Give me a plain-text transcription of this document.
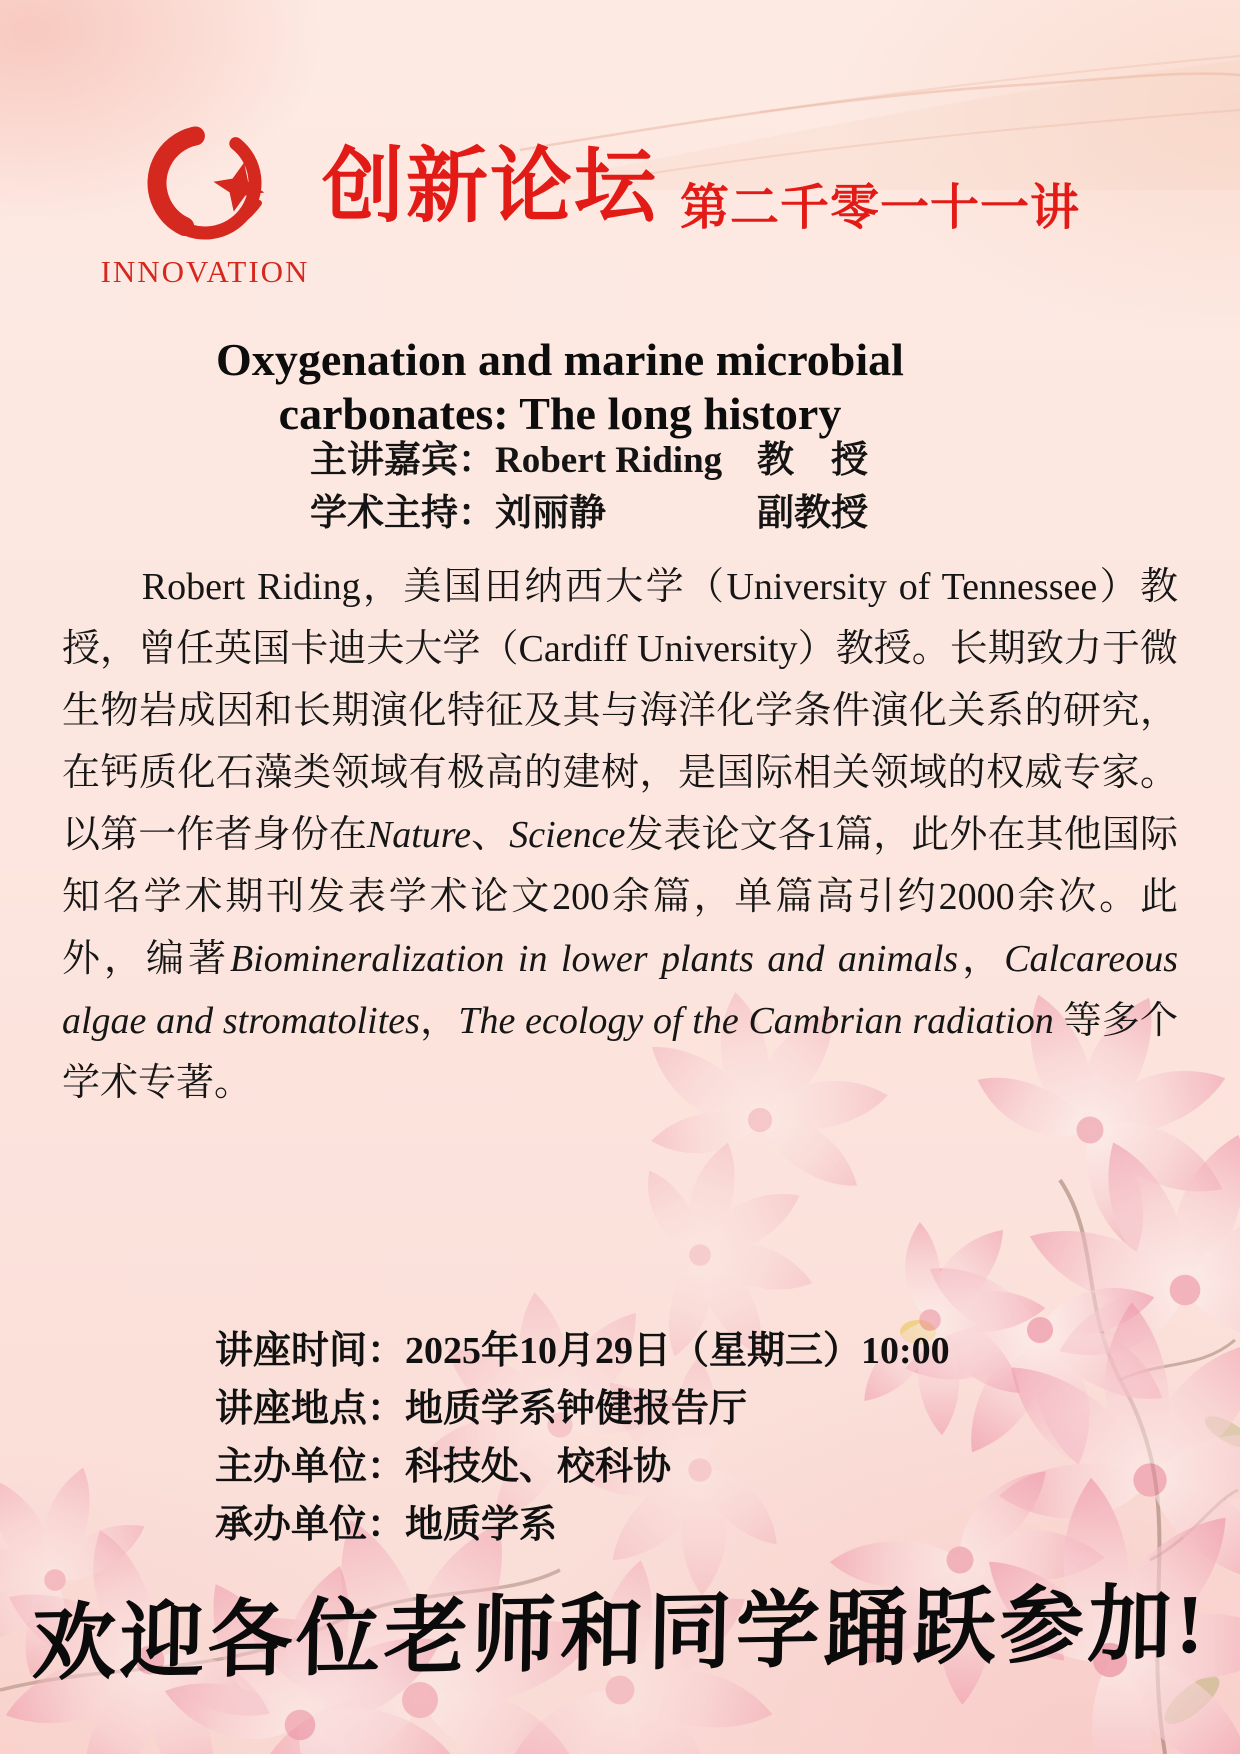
INNOVATION
创新论坛 第二千零一十一讲
Oxygenation and marine microbial
carbonates: The long history
主讲嘉宾：Robert Riding 教　授
学术主持：刘丽静	副教授

Robert Riding，美国田纳西大学（University of Tennessee）教授，曾任英国卡迪夫大学（Cardiff University）教授。长期致力于微生物岩成因和长期演化特征及其与海洋化学条件演化关系的研究，在钙质化石藻类领域有极高的建树，是国际相关领域的权威专家。以第一作者身份在Nature、Science发表论文各1篇，此外在其他国际知名学术期刊发表学术论文200余篇，单篇高引约2000余次。此外，编著Biomineralization in lower plants and animals，Calcareous algae and stromatolites，The ecology of the Cambrian radiation 等多个学术专著。

讲座时间：2025年10月29日（星期三）10:00
讲座地点：地质学系钟健报告厅
主办单位：科技处、校科协
承办单位：地质学系
欢迎各位老师和同学踊跃参加!
